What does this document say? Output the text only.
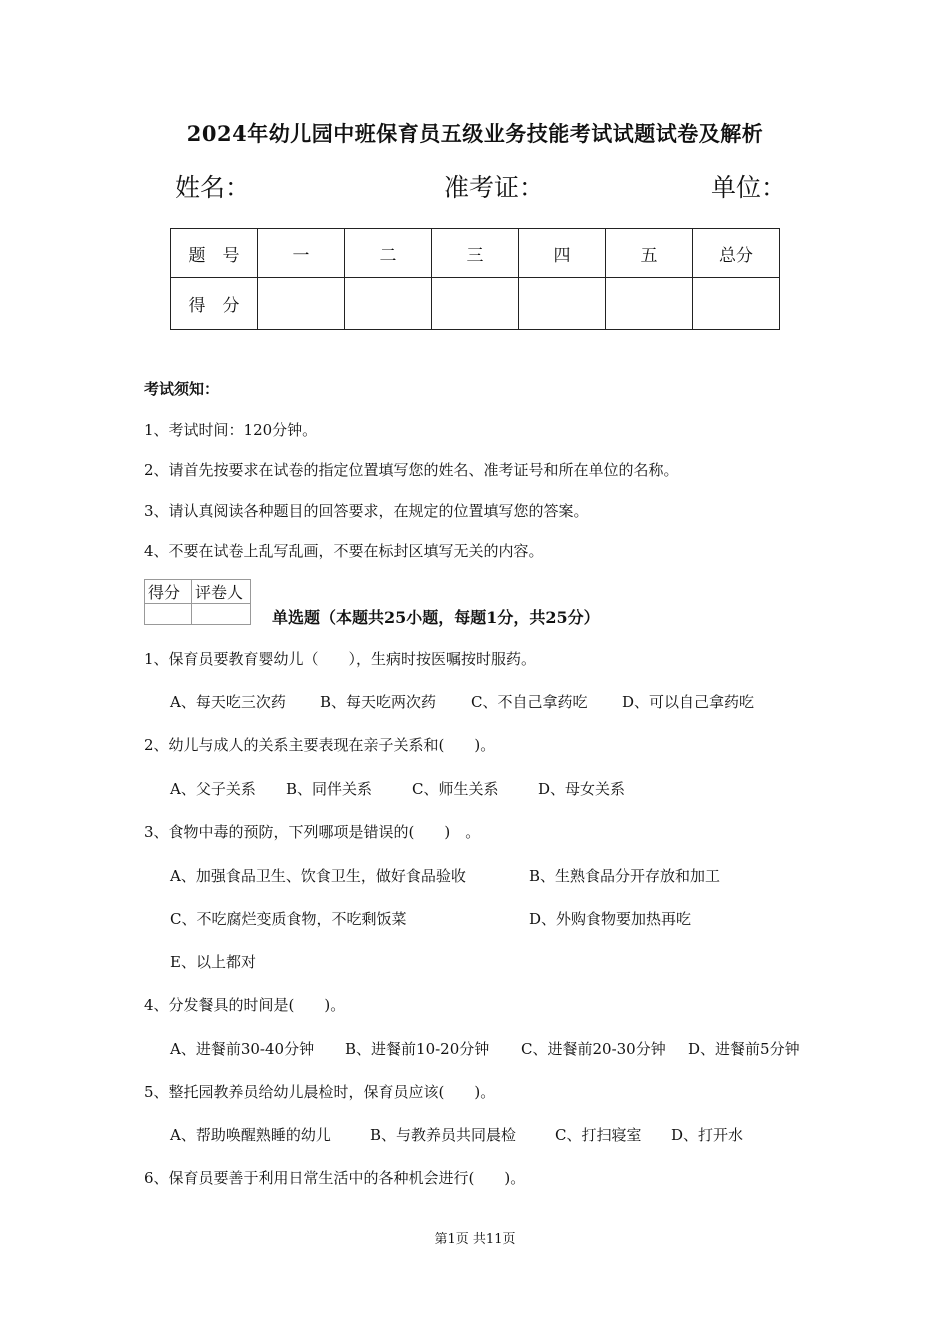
2024年幼儿园中班保育员五级业务技能考试试题试卷及解析
姓名：	准考证：	单位：
题　号	一	二	三	四	五	总分
得　分						
考试须知：
1、考试时间：120分钟。
2、请首先按要求在试卷的指定位置填写您的姓名、准考证号和所在单位的名称。
3、请认真阅读各种题目的回答要求，在规定的位置填写您的答案。
4、不要在试卷上乱写乱画，不要在标封区填写无关的内容。
得分	评卷人

单选题（本题共25小题，每题1分，共25分）
1、保育员要教育婴幼儿（　　），生病时按医嘱按时服药。
A、每天吃三次药 B、每天吃两次药 C、不自己拿药吃 D、可以自己拿药吃
2、幼儿与成人的关系主要表现在亲子关系和(　　)。
A、父子关系 B、同伴关系	C、师生关系	D、母女关系
3、食物中毒的预防，下列哪项是错误的(　　)　。
A、加强食品卫生、饮食卫生，做好食品验收	B、生熟食品分开存放和加工
C、不吃腐烂变质食物，不吃剩饭菜	D、外购食物要加热再吃
E、以上都对
4、分发餐具的时间是(　　)。
A、进餐前30-40分钟 B、进餐前10-20分钟 C、进餐前20-30分钟 D、进餐前5分钟
5、整托园教养员给幼儿晨检时，保育员应该(　　)。
A、帮助唤醒熟睡的幼儿	B、与教养员共同晨检	C、打扫寝室 D、打开水
6、保育员要善于利用日常生活中的各种机会进行(　　)。
第1页 共11页
